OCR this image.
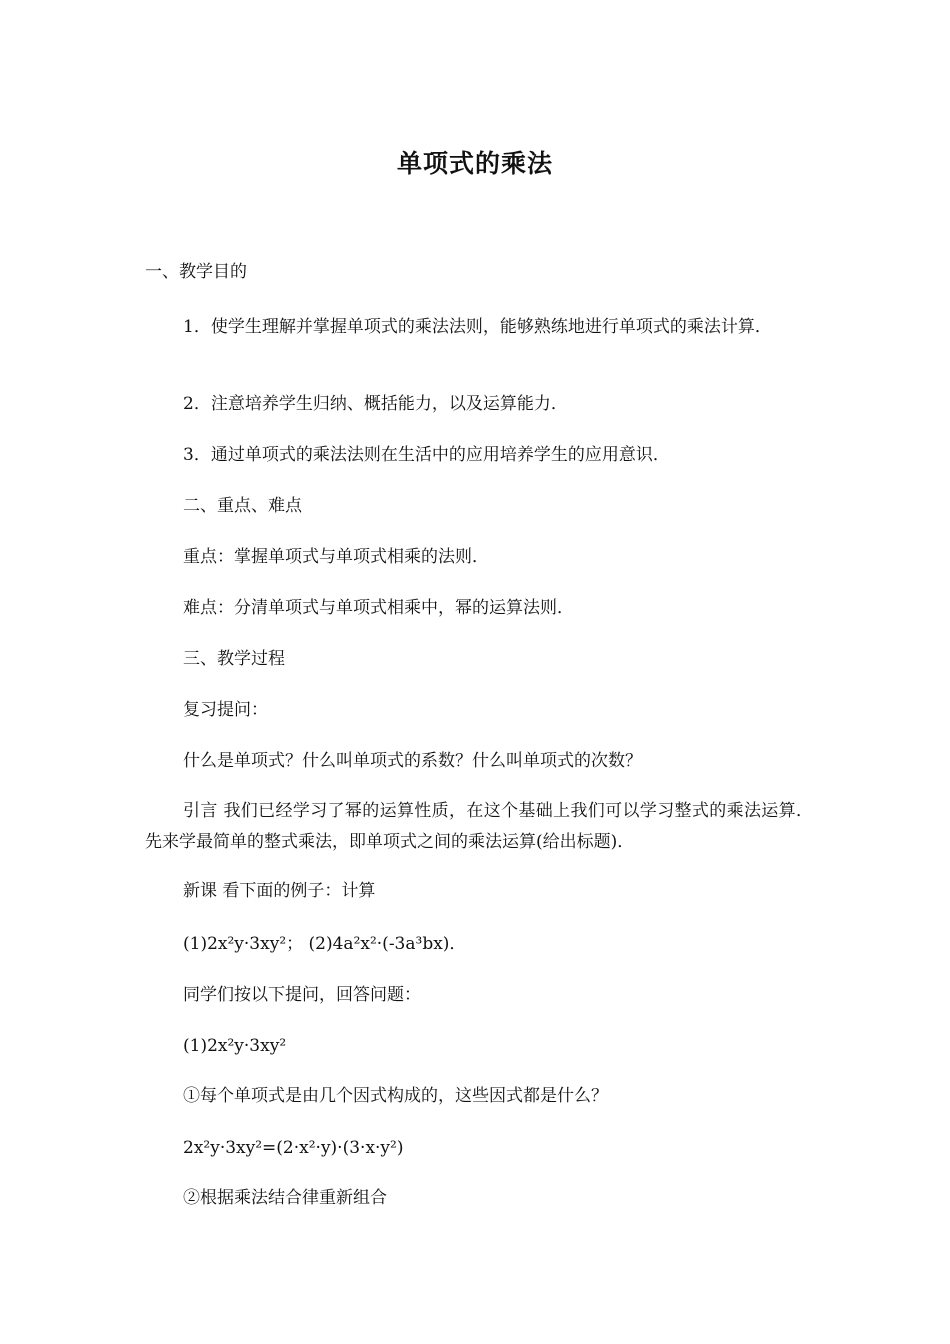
单项式的乘法
一、教学目的
1．使学生理解并掌握单项式的乘法法则，能够熟练地进行单项式的乘法计算．
2．注意培养学生归纳、概括能力，以及运算能力．
3．通过单项式的乘法法则在生活中的应用培养学生的应用意识．
二、重点、难点
重点：掌握单项式与单项式相乘的法则．
难点：分清单项式与单项式相乘中，幂的运算法则．
三、教学过程
复习提问：
什么是单项式？什么叫单项式的系数？什么叫单项式的次数？
引言 我们已经学习了幂的运算性质，在这个基础上我们可以学习整式的乘法运算．先来学最简单的整式乘法，即单项式之间的乘法运算(给出标题)．
新课 看下面的例子：计算
(1)2x²y·3xy²； (2)4a²x²·(-3a³bx)．
同学们按以下提问，回答问题：
(1)2x²y·3xy²
①每个单项式是由几个因式构成的，这些因式都是什么？
2x²y·3xy²=(2·x²·y)·(3·x·y²)
②根据乘法结合律重新组合
